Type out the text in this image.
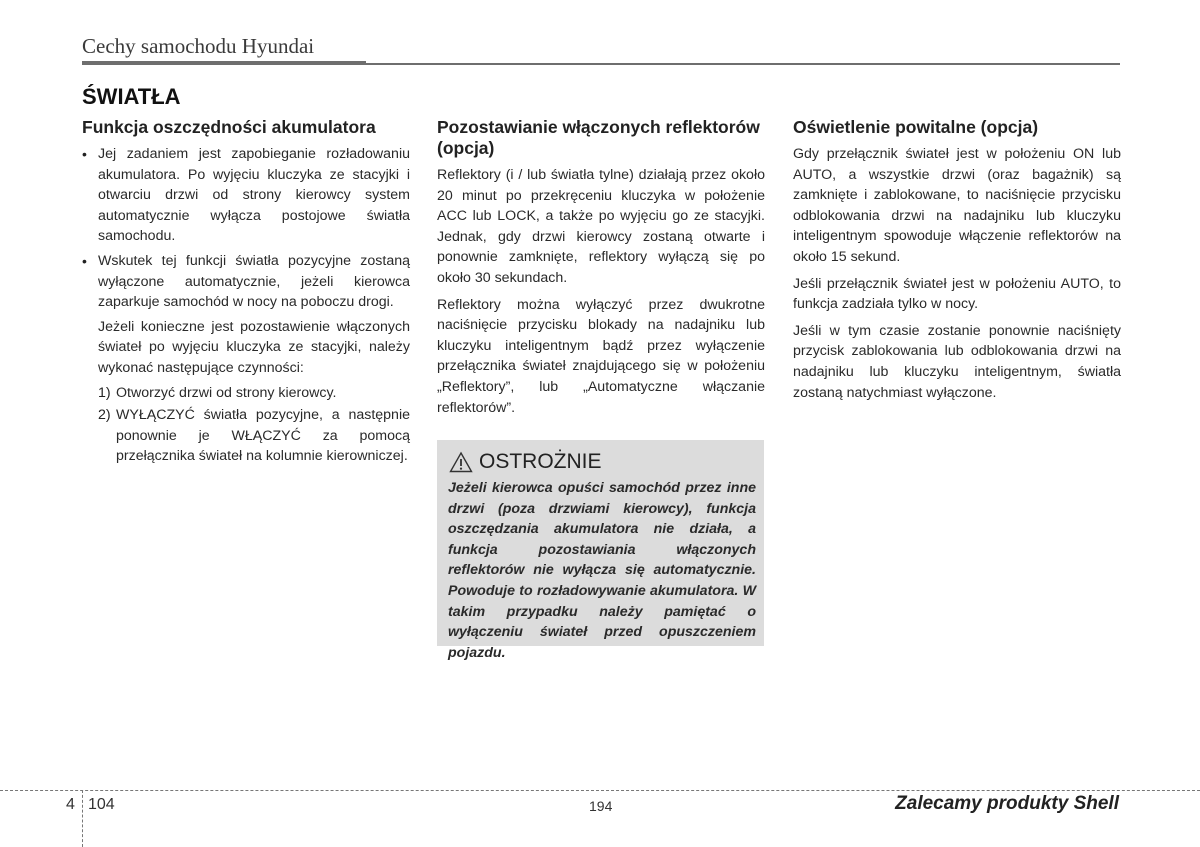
Cechy samochodu Hyundai
ŚWIATŁA
Funkcja oszczędności akumulatora
• Jej zadaniem jest zapobieganie rozładowaniu akumulatora. Po wyjęciu kluczyka ze stacyjki i otwarciu drzwi od strony kierowcy system automatycznie wyłącza postojowe światła samochodu.

• Wskutek tej funkcji światła pozycyjne zostaną wyłączone automatycznie, jeżeli kierowca zaparkuje samochód w nocy na poboczu drogi.

Jeżeli konieczne jest pozostawienie włączonych świateł po wyjęciu kluczyka ze stacyjki, należy wykonać następujące czynności:

1) Otworzyć drzwi od strony kierowcy.

2) WYŁĄCZYĆ światła pozycyjne, a następnie ponownie je WŁĄCZYĆ za pomocą przełącznika świateł na kolumnie kierowniczej.

Pozostawianie włączonych reflektorów (opcja)

Reflektory (i / lub światła tylne) działają przez około 20 minut po przekręceniu kluczyka w położenie ACC lub LOCK, a także po wyjęciu go ze stacyjki. Jednak, gdy drzwi kierowcy zostaną otwarte i ponownie zamknięte, reflektory wyłączą się po około 30 sekundach.

Reflektory można wyłączyć przez dwukrotne naciśnięcie przycisku blokady na nadajniku lub kluczyku inteligentnym bądź przez wyłączenie przełącznika świateł znajdującego się w położeniu „Reflektory”, lub „Automatyczne włączanie reflektorów”.

OSTROŻNIE
Jeżeli kierowca opuści samochód przez inne drzwi (poza drzwiami kierowcy), funkcja oszczędzania akumulatora nie działa, a funkcja pozostawiania włączonych reflektorów nie wyłącza się automatycznie. Powoduje to rozładowywanie akumulatora. W takim przypadku należy pamiętać o wyłączeniu świateł przed opuszczeniem pojazdu.
Oświetlenie powitalne (opcja)

Gdy przełącznik świateł jest w położeniu ON lub AUTO, a wszystkie drzwi (oraz bagażnik) są zamknięte i zablokowane, to naciśnięcie przycisku odblokowania drzwi na nadajniku lub kluczyku inteligentnym spowoduje włączenie reflektorów na około 15 sekund.

Jeśli przełącznik świateł jest w położeniu AUTO, to funkcja zadziała tylko w nocy.

Jeśli w tym czasie zostanie ponownie naciśnięty przycisk zablokowania lub odblokowania drzwi na nadajniku lub kluczyku inteligentnym, światła zostaną natychmiast wyłączone.

4 104	194	Zalecamy produkty Shell
